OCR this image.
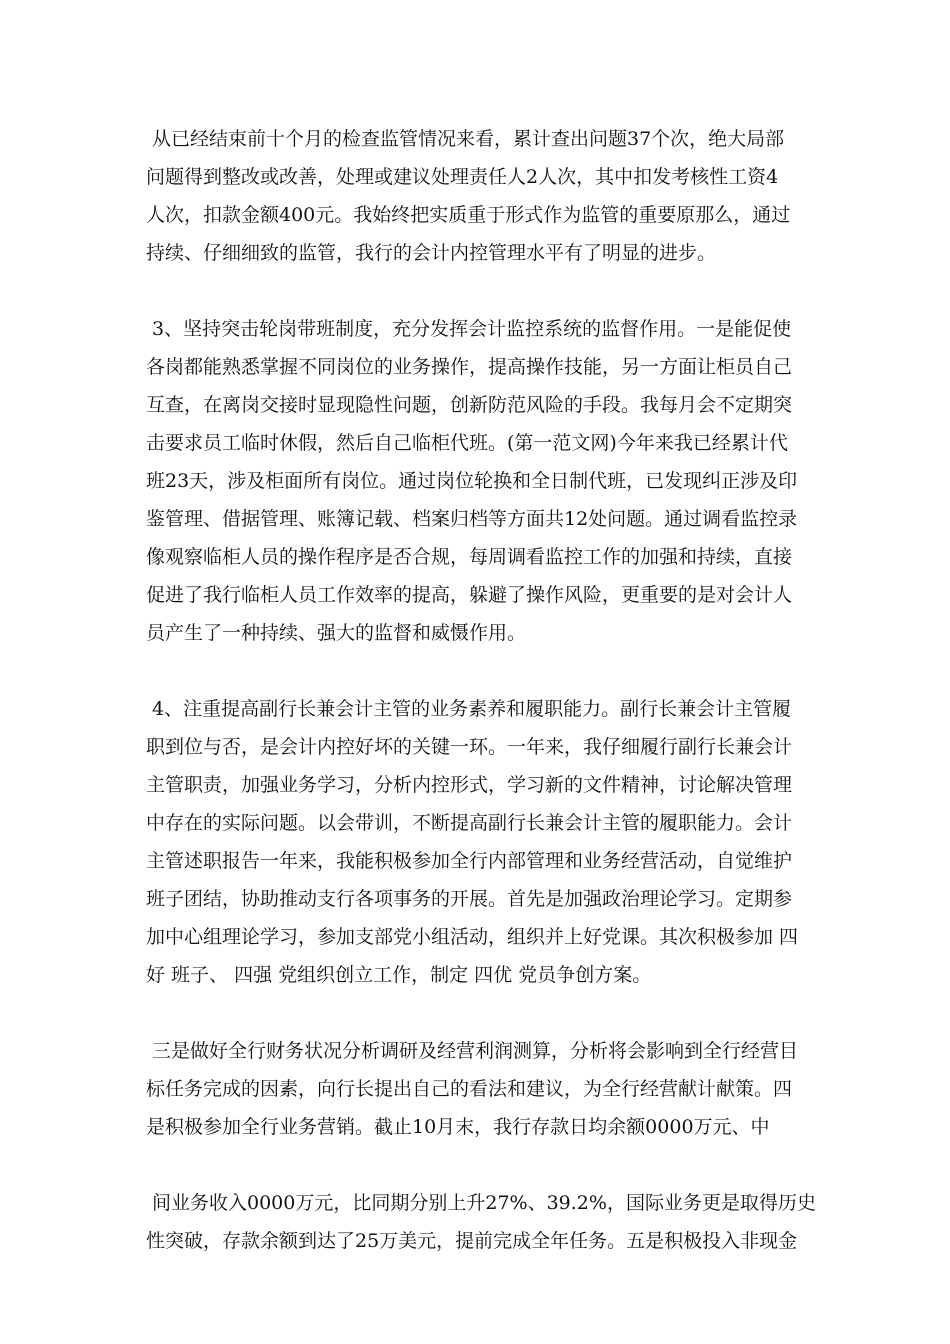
从已经结束前十个月的检查监管情况来看，累计查出问题37个次，绝大局部
问题得到整改或改善，处理或建议处理责任人2人次，其中扣发考核性工资4
人次，扣款金额400元。我始终把实质重于形式作为监管的重要原那么，通过
持续、仔细细致的监管，我行的会计内控管理水平有了明显的进步。
3、坚持突击轮岗带班制度，充分发挥会计监控系统的监督作用。一是能促使
各岗都能熟悉掌握不同岗位的业务操作，提高操作技能，另一方面让柜员自己
互查，在离岗交接时显现隐性问题，创新防范风险的手段。我每月会不定期突
击要求员工临时休假，然后自己临柜代班。(第一范文网)今年来我已经累计代
班23天，涉及柜面所有岗位。通过岗位轮换和全日制代班，已发现纠正涉及印
鉴管理、借据管理、账簿记载、档案归档等方面共12处问题。通过调看监控录
像观察临柜人员的操作程序是否合规，每周调看监控工作的加强和持续，直接
促进了我行临柜人员工作效率的提高，躲避了操作风险，更重要的是对会计人
员产生了一种持续、强大的监督和威慑作用。
4、注重提高副行长兼会计主管的业务素养和履职能力。副行长兼会计主管履
职到位与否，是会计内控好坏的关键一环。一年来，我仔细履行副行长兼会计
主管职责，加强业务学习，分析内控形式，学习新的文件精神，讨论解决管理
中存在的实际问题。以会带训，不断提高副行长兼会计主管的履职能力。会计
主管述职报告一年来，我能积极参加全行内部管理和业务经营活动，自觉维护
班子团结，协助推动支行各项事务的开展。首先是加强政治理论学习。定期参
加中心组理论学习，参加支部党小组活动，组织并上好党课。其次积极参加 四
好 班子、 四强 党组织创立工作，制定 四优 党员争创方案。
三是做好全行财务状况分析调研及经营利润测算，分析将会影响到全行经营目
标任务完成的因素，向行长提出自己的看法和建议，为全行经营献计献策。四
是积极参加全行业务营销。截止10月末，我行存款日均余额0000万元、中
间业务收入0000万元，比同期分别上升27%、39.2%，国际业务更是取得历史
性突破，存款余额到达了25万美元，提前完成全年任务。五是积极投入非现金
